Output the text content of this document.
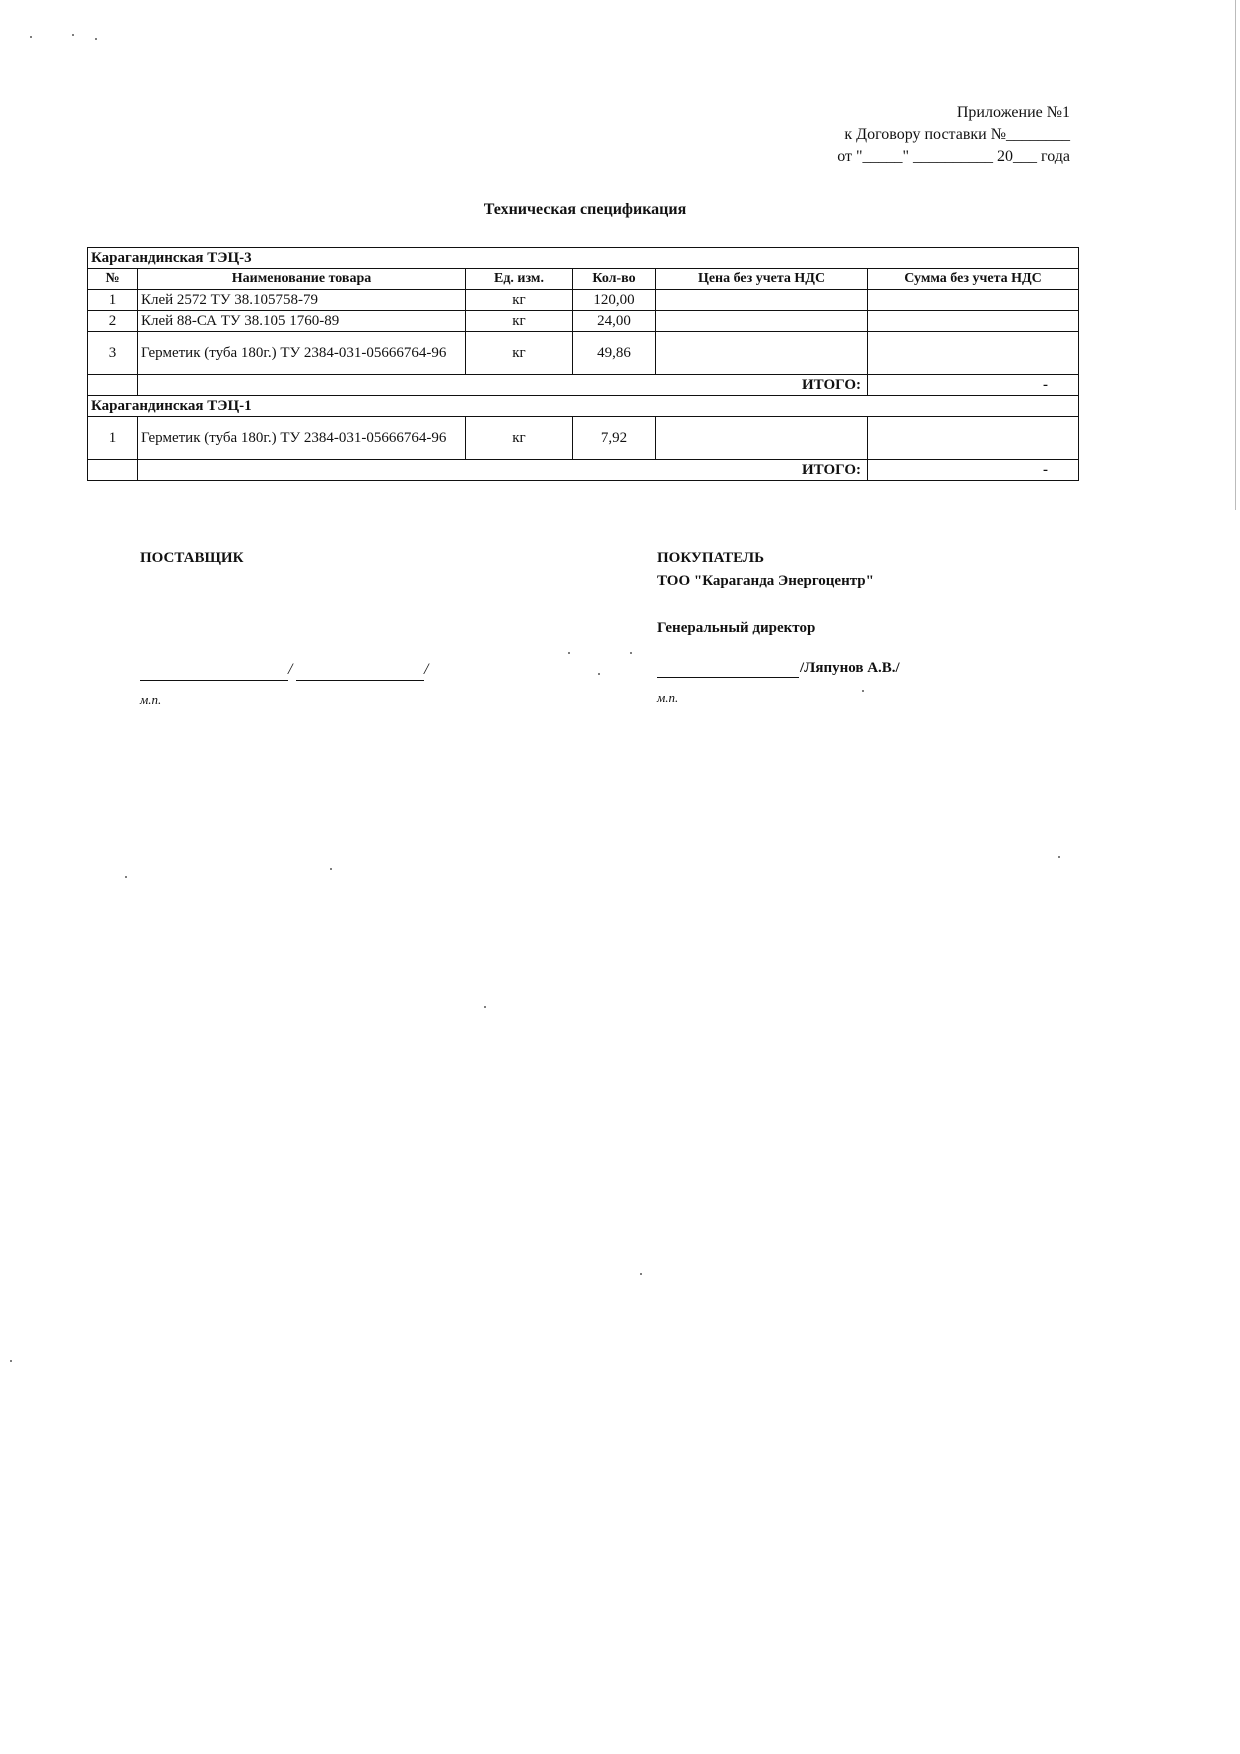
Приложение №1
к Договору поставки №________
от "_____" __________ 20___ года
Техническая спецификация
Карагандинская ТЭЦ-3					
№	Наименование товара	Ед. изм.	Кол-во	Цена без учета НДС	Сумма без учета НДС
1	Клей 2572 ТУ 38.105758-79	кг	120,00		
2	Клей 88-СА ТУ 38.105 1760-89	кг	24,00		
3	Герметик (туба 180г.) ТУ 2384-031-05666764-96	кг	49,86		
	ИТОГО:				-
Карагандинская ТЭЦ-1					
1	Герметик (туба 180г.) ТУ 2384-031-05666764-96	кг	7,92		
	ИТОГО:				-
ПОСТАВЩИК
/	/
м.п.
ПОКУПАТЕЛЬ
ТОО "Караганда Энергоцентр"
Генеральный директор
/Ляпунов А.В./
м.п.
